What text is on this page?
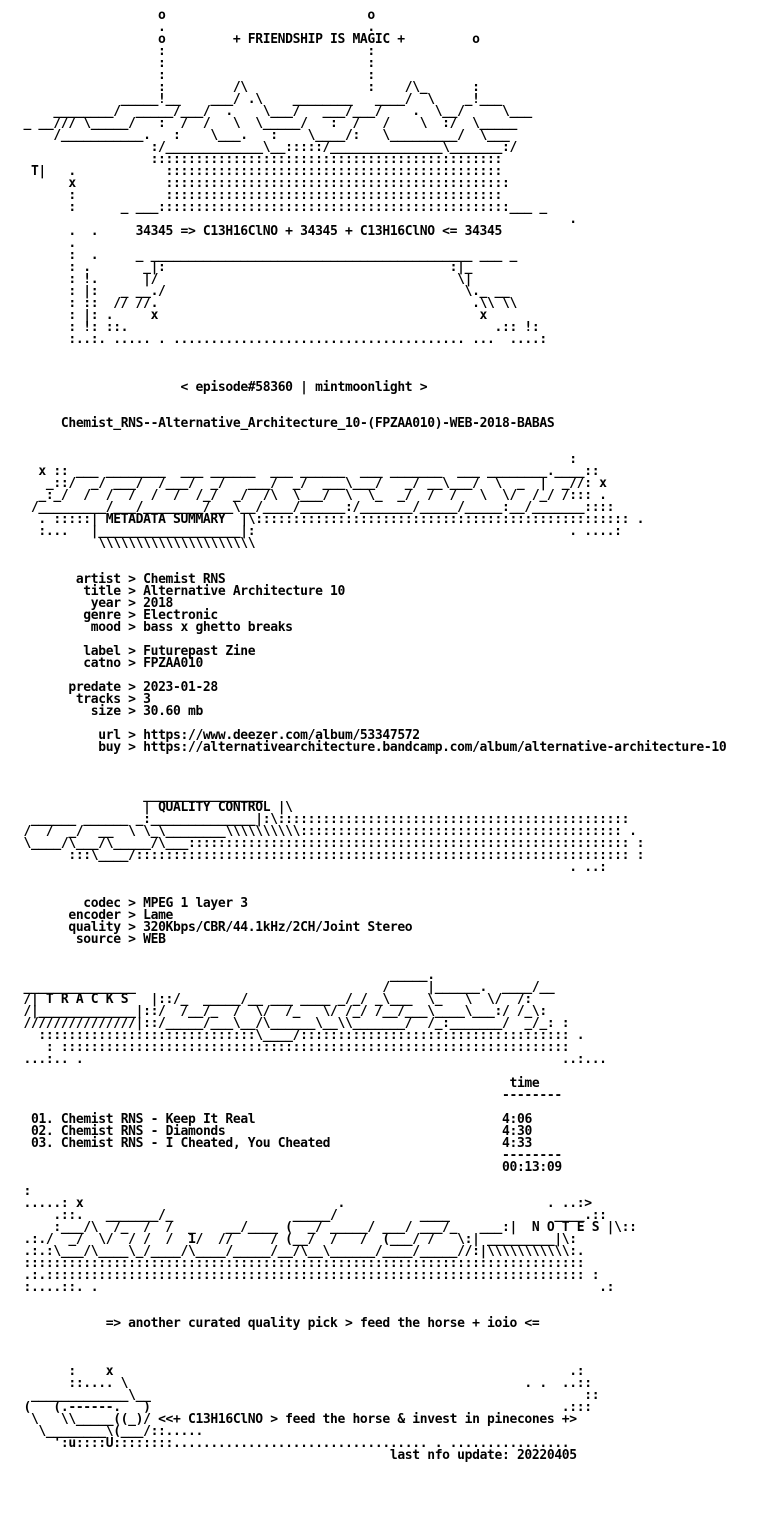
o                           o
.                           .
o         + FRIENDSHIP IS MAGIC +         o
:                           :
:                           :
:                           :
:         /\                :    /\_      :
_____!__    ___/ .\    ________   ____/  \    _!___
________/  _____/___/  .    \___/   ___/___/    .  \__/     \___
_ __/// \_____/   :  /  /   \  \_____/   :  /   /    \  :/  \_____
/___________.   :    \___.   :    \____/:   \_________/  \___
:/_____________\__:::::/_______________\_______:/
:::::::::::::::::::::::::::::::::::::::::::::::
T|   .            :::::::::::::::::::::::::::::::::::::::::::::
x            ::::::::::::::::::::::::::::::::::::::::::::::
:            :::::::::::::::::::::::::::::::::::::::::::::
:      _ ___:::::::::::::::::::::::::::::::::::::::::::::::___ _
.
.  .     34345 => C13H16ClNO + 34345 + C13H16ClNO <= 34345
.
:  .     _ ___________________________________________ ___ _
: .       _|:                                      :|_
: !.      |/                                        \|
: |:   _ __./                                        \._ __
: ::  // //.                                          .\\ \\
: |: .     x                                           x
: !: ::.                                                 .:: !:
:..:. ..... . ....................................... ...  ....:

< episode#58360 | mintmoonlight >

Chemist_RNS--Alternative_Architecture_10-(FPZAA010)-WEB-2018-BABAS

:
x :: ___ ________  ___ ______  ___ ______  ___ _______  ___ ________.____::
_::/  _/ ___/  /___/  _/   ___/  _/  ___\___/   _/ __\___/  \  _  |  _//: x
_:_/  /  /  /  /  /  /_/  _/  /\  \___/  \  \_  _/  /  /   \  \/  /_/ /::: .
/_________/___/________/___\__/____/______:/_______/_____/_____:__/_______::::
. :::::| METADATA SUMMARY  |\:::::::::::::::::::::::::::::::::::::::::::::::::: .
:...   |___________________|:                                          . ....:
\\\\\\\\\\\\\\\\\\\\\

artist > Chemist RNS
title > Alternative Architecture 10
year > 2018
genre > Electronic
mood > bass x ghetto breaks

label > Futurepast Zine
catno > FPZAA010

predate > 2023-01-28
tracks > 3
size > 30.60 mb

url > https://www.deezer.com/album/53347572
buy > https://alternativearchitecture.bandcamp.com/album/alternative-architecture-10

________________
| QUALITY CONTROL |\
______ ______ _:______________|:\:::::::::::::::::::::::::::::::::::::::::::::::
/  /  _/  __  \ \_\________\\\\\\\\\\::::::::::::::::::::::::::::::::::::::::::: .
\____/\___/\_____/\___::::::::::::::::::::::::::::::::::::::::::::::::::::::::::: :
:::\____/:::::::::::::::::::::::::::::::::::::::::::::::::::::::::::::::::: :
. ..:

codec > MPEG 1 layer 3
encoder > Lame
quality > 320Kbps/CBR/44.1kHz/2CH/Joint Stereo
source > WEB

_____.
_______________                                 /     |______.  ____/__
/| T R A C K S   |::/_  _____/__ ___ ____ _/_/ _\___  \_   \  \/  /:
/|_____________|::/  /__/_  /  \/  /_   \/ /_/ /__/___\____\___:/ /_\:
///////////////|::/_____/___\__/\______\__\\_______/  /_:_______/  _/_: :
:::::::::::::::::::::::::::::\____/:::::::::::::::::::::::::::::::::::: .
: ::::::::::::::::::::::::::::::::::::::::::::::::::::::::::::::::::::
...:.. .                                                                ..:...

time
--------

01. Chemist RNS - Keep It Real	4:06
02. Chemist RNS - Diamonds	4:30
03. Chemist RNS - I Cheated, You Cheated	4:33
--------
00:13:09

:
.....: x                                  .                           . ..:>
.::.   _______/_                _____/           ____              ____.::
:___/\  /_  /  /  _    __/____ (  _/ _____/ ___/ ___/_   ___:|  N O T E S |\::
.:./  _/  \/  / /  /  1/  //     / (__/  /   /  (___/ /   \:| _________|\:
.:.:\___/\____\_/____/\____/_____/__/\__\______/____/_____//:|\\\\\\\\\\\:.
:::::::::::::::::::::::::::::::::::::::::::::::::::::::::::::::::::::::::::
.:.:::::::::::::::::::::::::::::::::::::::::::::::::::::::::::::::::::::::: :
:....::. .                                                                   .:

=> another curated quality pick > feed the horse + ioio <=

:    x                                                             .:
::.... \                                                     . .  ..::
_____________\__                                                          ::
(   (.------.   )                                                       .:::
\   \\_____((_)/ <<+ C13H16ClNO > feed the horse & invest in pinecones +>
\________\(___/::.....
':u::::U::::::::.................................. . ................
last nfo update: 20220405
